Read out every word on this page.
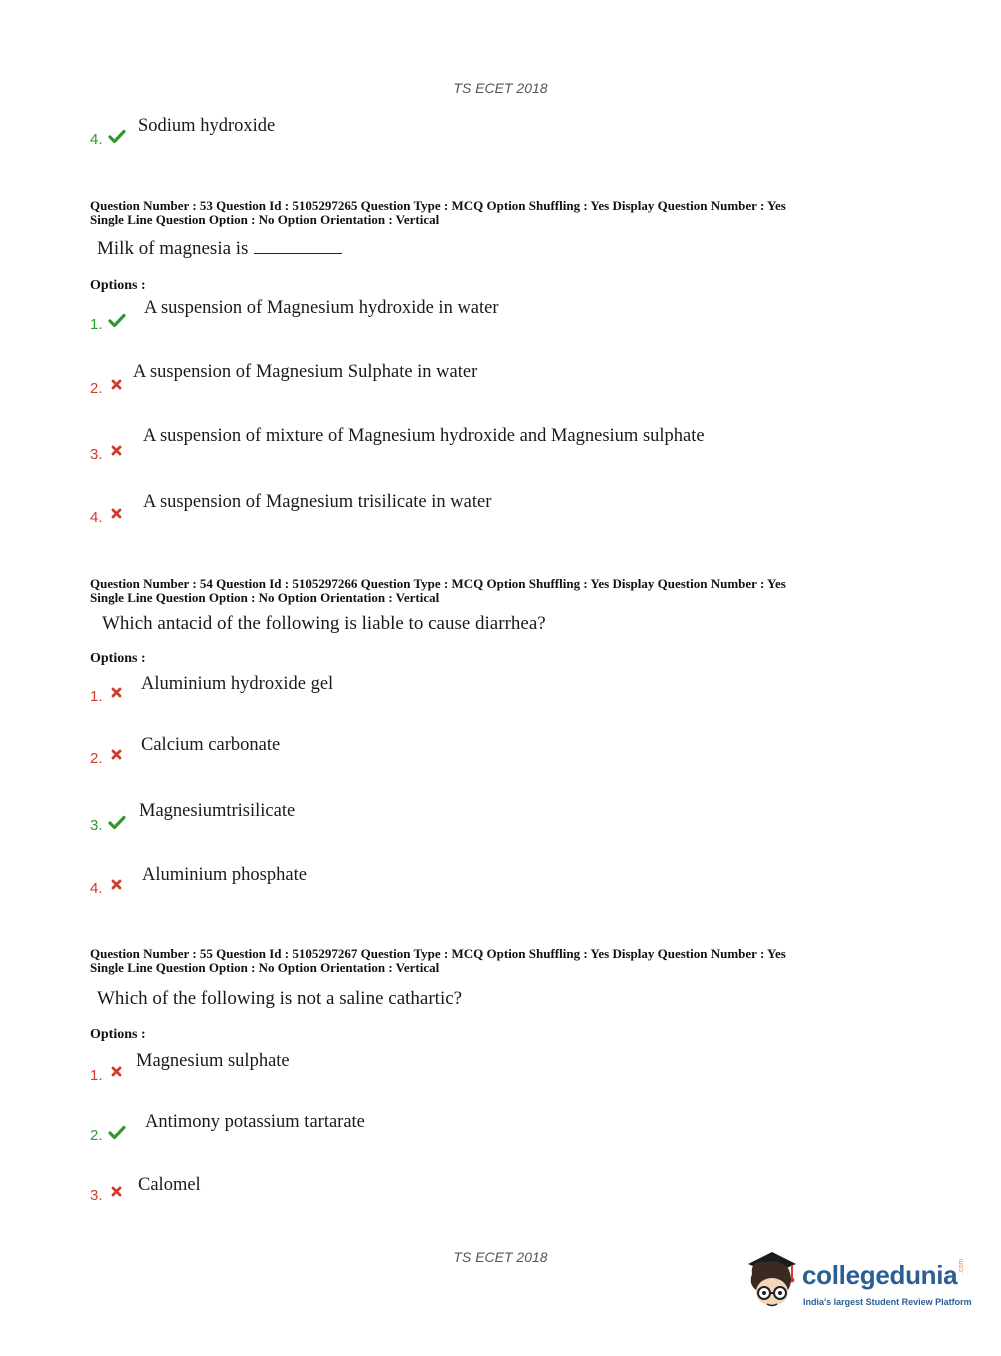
TS ECET 2018
4.
Sodium hydroxide
Question Number : 53 Question Id : 5105297265 Question Type : MCQ Option Shuffling : Yes Display Question Number : Yes
Single Line Question Option : No Option Orientation : Vertical
Milk of magnesia is
Options :
1.
A suspension of Magnesium hydroxide in water
2.
A suspension of Magnesium Sulphate in water
3.
A suspension of mixture of Magnesium hydroxide and Magnesium sulphate
4.
A suspension of Magnesium trisilicate in water
Question Number : 54 Question Id : 5105297266 Question Type : MCQ Option Shuffling : Yes Display Question Number : Yes
Single Line Question Option : No Option Orientation : Vertical
Which antacid of the following is liable to cause diarrhea?
Options :
1.
Aluminium hydroxide gel
2.
Calcium carbonate
3.
Magnesiumtrisilicate
4.
Aluminium phosphate
Question Number : 55 Question Id : 5105297267 Question Type : MCQ Option Shuffling : Yes Display Question Number : Yes
Single Line Question Option : No Option Orientation : Vertical
Which of the following is not a saline cathartic?
Options :
1.
Magnesium sulphate
2.
Antimony potassium tartarate
3.
Calomel
TS ECET 2018
collegedunia .com
India's largest Student Review Platform
